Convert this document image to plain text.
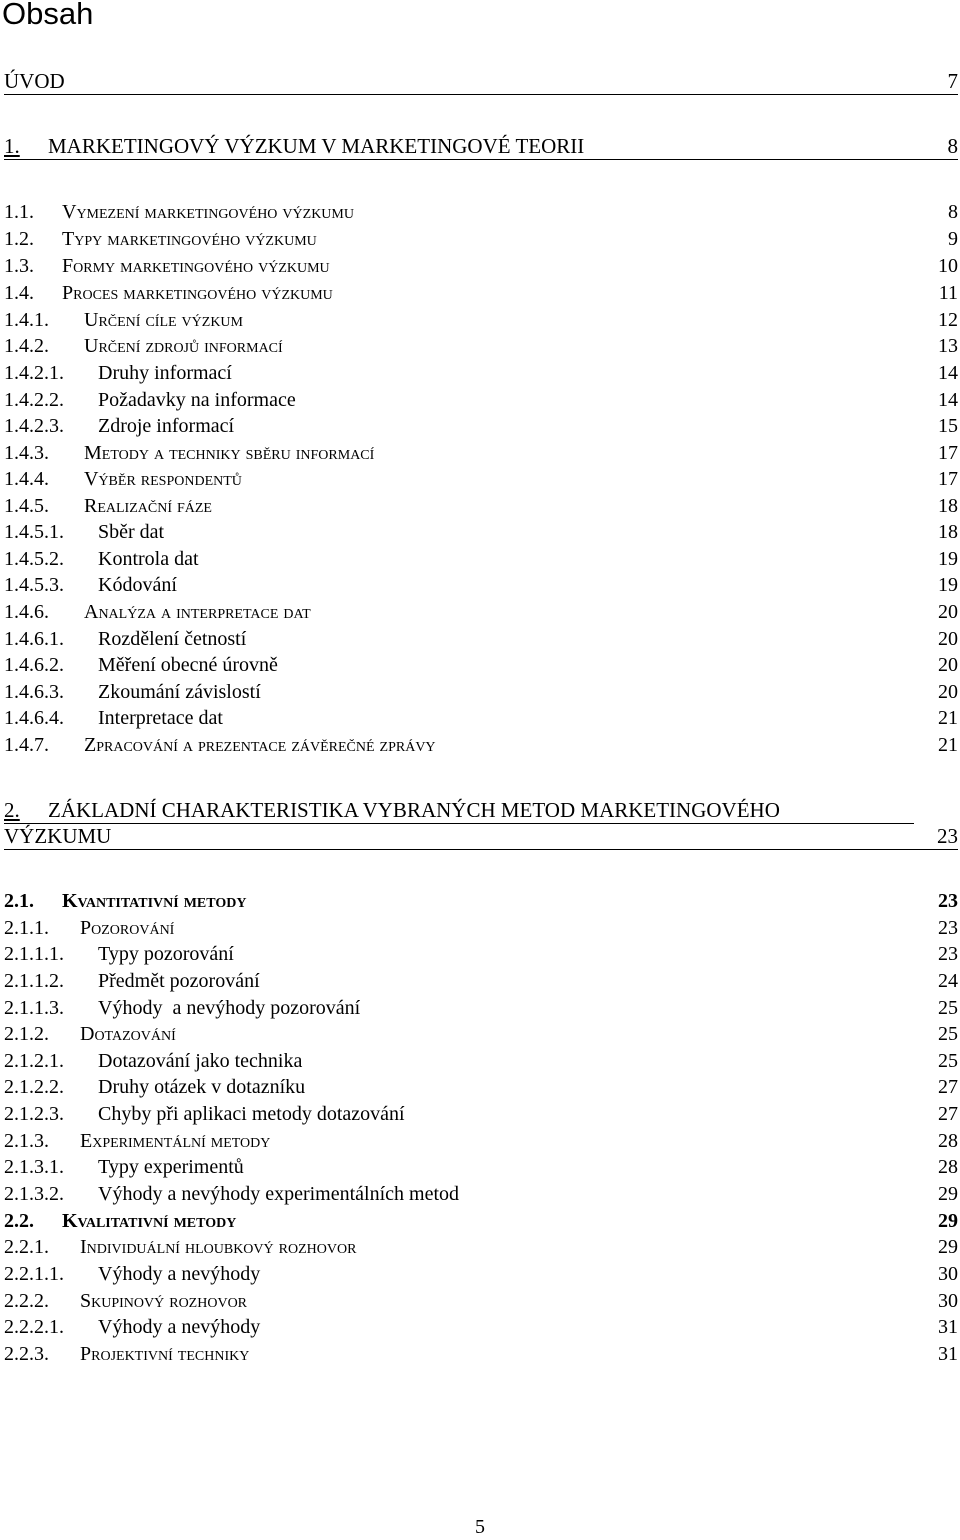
Obsah
ÚVOD	7
1. MARKETINGOVÝ VÝZKUM V MARKETINGOVÉ TEORII	8
1.1. Vymezení marketingového výzkumu	8
1.2. Typy marketingového výzkumu	9
1.3. Formy marketingového výzkumu	10
1.4. Proces marketingového výzkumu	11
1.4.1. Určení cíle výzkum	12
1.4.2. Určení zdrojů informací	13
1.4.2.1. Druhy informací	14
1.4.2.2. Požadavky na informace	14
1.4.2.3. Zdroje informací	15
1.4.3. Metody a techniky sběru informací	17
1.4.4. Výběr respondentů	17
1.4.5. Realizační fáze	18
1.4.5.1. Sběr dat	18
1.4.5.2. Kontrola dat	19
1.4.5.3. Kódování	19
1.4.6. Analýza a interpretace dat	20
1.4.6.1. Rozdělení četností	20
1.4.6.2. Měření obecné úrovně	20
1.4.6.3. Zkoumání závislostí	20
1.4.6.4. Interpretace dat	21
1.4.7. Zpracování a prezentace závěrečné zprávy	21
2. ZÁKLADNÍ CHARAKTERISTIKA VYBRANÝCH METOD MARKETINGOVÉHO
VÝZKUMU	23
2.1. Kvantitativní metody	23
2.1.1. Pozorování	23
2.1.1.1. Typy pozorování	23
2.1.1.2. Předmět pozorování	24
2.1.1.3. Výhody  a nevýhody pozorování	25
2.1.2. Dotazování	25
2.1.2.1. Dotazování jako technika	25
2.1.2.2. Druhy otázek v dotazníku	27
2.1.2.3. Chyby při aplikaci metody dotazování	27
2.1.3. Experimentální metody	28
2.1.3.1. Typy experimentů	28
2.1.3.2. Výhody a nevýhody experimentálních metod	29
2.2. Kvalitativní metody	29
2.2.1. Individuální hloubkový rozhovor	29
2.2.1.1. Výhody a nevýhody	30
2.2.2. Skupinový rozhovor	30
2.2.2.1. Výhody a nevýhody	31
2.2.3. Projektivní techniky	31
5
